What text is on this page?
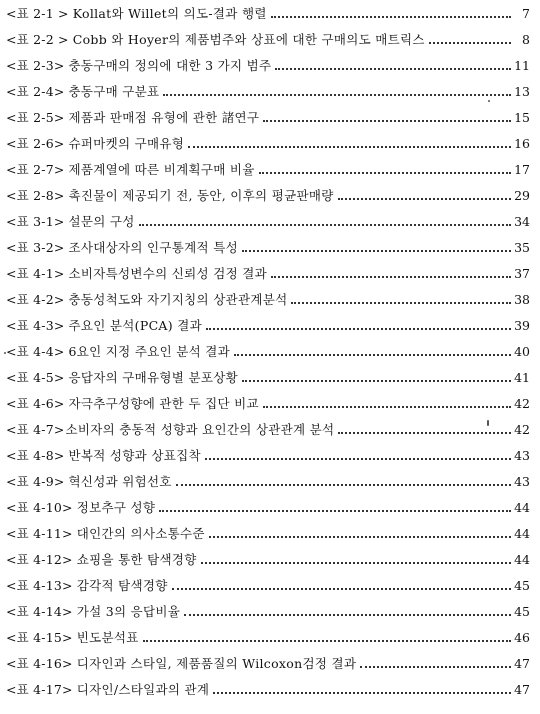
<표 2-1 > Kollat와 Willet의 의도-결과 행렬	7
<표 2-2 > Cobb 와 Hoyer의 제품범주와 상표에 대한 구매의도 매트릭스	8
<표 2-3> 충동구매의 정의에 대한 3 가지 범주	11
<표 2-4> 충동구매 구분표	13
<표 2-5> 제품과 판매점 유형에 관한 諸연구	15
<표 2-6> 슈퍼마켓의 구매유형	16
<표 2-7> 제품계열에 따른 비계획구매 비율	17
<표 2-8> 촉진물이 제공되기 전, 동안, 이후의 평균판매량	29
<표 3-1> 설문의 구성	34
<표 3-2> 조사대상자의 인구통계적 특성	35
<표 4-1> 소비자특성변수의 신뢰성 검정 결과	37
<표 4-2> 충동성척도와 자기지칭의 상관관계분석	38
<표 4-3> 주요인 분석(PCA) 결과	39
<표 4-4> 6요인 지정 주요인 분석 결과	40
<표 4-5> 응답자의 구매유형별 분포상황	41
<표 4-6> 자극추구성향에 관한 두 집단 비교	42
<표 4-7> 소비자의 충동적 성향과 요인간의 상관관계 분석	42
<표 4-8> 반복적 성향과 상표집착	43
<표 4-9> 혁신성과 위험선호	43
<표 4-10> 정보추구 성향	44
<표 4-11> 대인간의 의사소통수준	44
<표 4-12> 쇼핑을 통한 탐색경향	44
<표 4-13> 감각적 탐색경향	45
<표 4-14> 가설 3의 응답비율	45
<표 4-15> 빈도분석표	46
<표 4-16> 디자인과 스타일, 제품품질의 Wilcoxon검정 결과	47
<표 4-17> 디자인/스타일과의 관계	47
